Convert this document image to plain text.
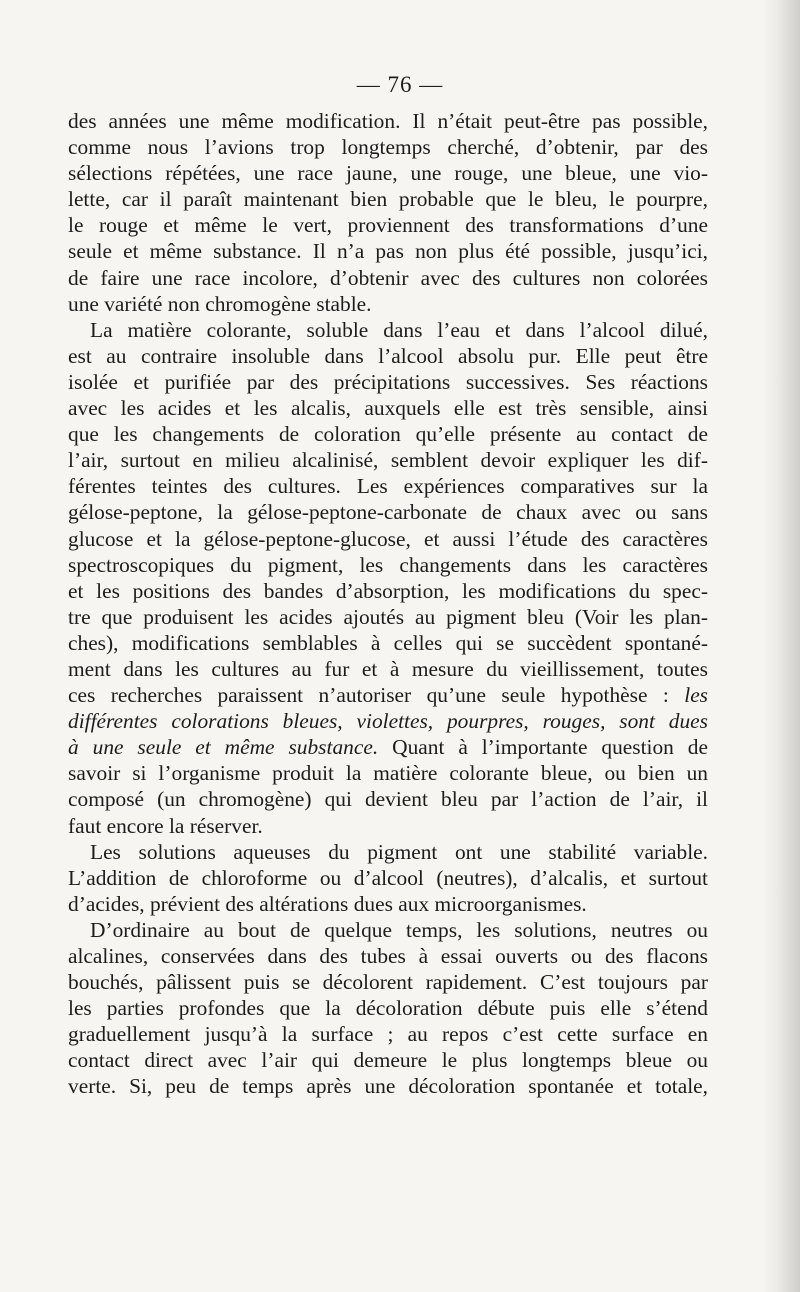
— 76 —
des années une même modification. Il n’était peut-être pas possible,
comme nous l’avions trop longtemps cherché, d’obtenir, par des
sélections répétées, une race jaune, une rouge, une bleue, une vio-
lette, car il paraît maintenant bien probable que le bleu, le pourpre,
le rouge et même le vert, proviennent des transformations d’une
seule et même substance. Il n’a pas non plus été possible, jusqu’ici,
de faire une race incolore, d’obtenir avec des cultures non colorées
une variété non chromogène stable.
La matière colorante, soluble dans l’eau et dans l’alcool dilué,
est au contraire insoluble dans l’alcool absolu pur. Elle peut être
isolée et purifiée par des précipitations successives. Ses réactions
avec les acides et les alcalis, auxquels elle est très sensible, ainsi
que les changements de coloration qu’elle présente au contact de
l’air, surtout en milieu alcalinisé, semblent devoir expliquer les dif-
férentes teintes des cultures. Les expériences comparatives sur la
gélose-peptone, la gélose-peptone-carbonate de chaux avec ou sans
glucose et la gélose-peptone-glucose, et aussi l’étude des caractères
spectroscopiques du pigment, les changements dans les caractères
et les positions des bandes d’absorption, les modifications du spec-
tre que produisent les acides ajoutés au pigment bleu (Voir les plan-
ches), modifications semblables à celles qui se succèdent spontané-
ment dans les cultures au fur et à mesure du vieillissement, toutes
ces recherches paraissent n’autoriser qu’une seule hypothèse : les
différentes colorations bleues, violettes, pourpres, rouges, sont dues
à une seule et même substance. Quant à l’importante question de
savoir si l’organisme produit la matière colorante bleue, ou bien un
composé (un chromogène) qui devient bleu par l’action de l’air, il
faut encore la réserver.
Les solutions aqueuses du pigment ont une stabilité variable.
L’addition de chloroforme ou d’alcool (neutres), d’alcalis, et surtout
d’acides, prévient des altérations dues aux microorganismes.
D’ordinaire au bout de quelque temps, les solutions, neutres ou
alcalines, conservées dans des tubes à essai ouverts ou des flacons
bouchés, pâlissent puis se décolorent rapidement. C’est toujours par
les parties profondes que la décoloration débute puis elle s’étend
graduellement jusqu’à la surface ; au repos c’est cette surface en
contact direct avec l’air qui demeure le plus longtemps bleue ou
verte. Si, peu de temps après une décoloration spontanée et totale,
